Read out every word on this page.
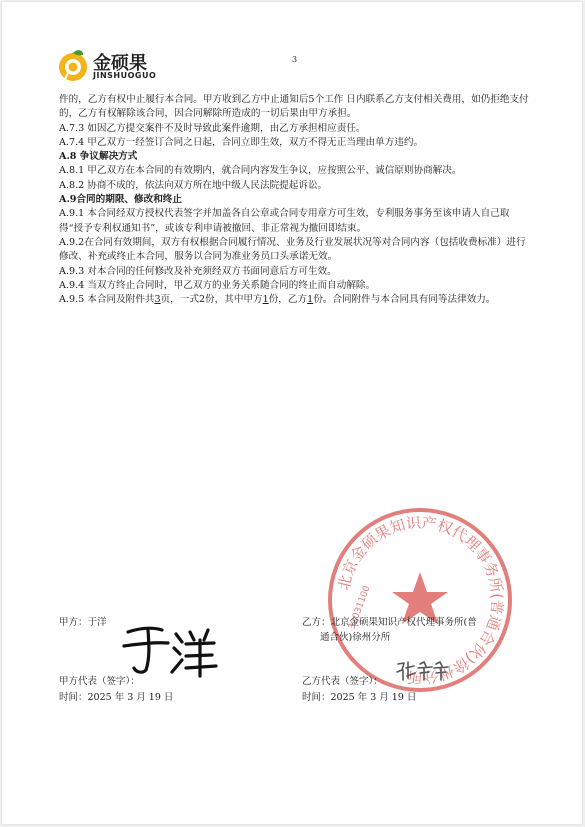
金硕果
JINSHUOGUO
3

件的，乙方有权中止履行本合同。甲方收到乙方中止通知后5个工作 日内联系乙方支付相关费用，如仍拒绝支付的，乙方有权解除该合同，因合同解除所造成的一切后果由甲方承担。

A.7.3 如因乙方提交案件不及时导致此案件逾期，由乙方承担相应责任。

A.7.4 甲乙双方一经签订合同之日起，合同立即生效，双方不得无正当理由单方违约。

A.8 争议解决方式

A.8.1 甲乙双方在本合同的有效期内，就合同内容发生争议，应按照公平、诚信原则协商解决。

A.8.2 协商不成的，依法向双方所在地中级人民法院提起诉讼。

A.9合同的期限、修改和终止

A.9.1 本合同经双方授权代表签字并加盖各自公章或合同专用章方可生效，专利服务事务至该申请人自己取得“授予专利权通知书”，或该专利申请被撤回、非正常视为撤回即结束。

A.9.2在合同有效期间，双方有权根据合同履行情况、业务及行业发展状况等对合同内容（包括收费标准）进行修改、补充或终止本合同，服务以合同为准业务员口头承诺无效。

A.9.3 对本合同的任何修改及补充须经双方书面同意后方可生效。

A.9.4 当双方终止合同时，甲乙双方的业务关系随合同的终止而自动解除。

A.9.5 本合同及附件共3页，一式2份，其中甲方1份，乙方1份。合同附件与本合同具有同等法律效力。

北京金硕果知识产权代理事务所(普通合伙)徐州分所
32031100
甲方：于洋
甲方代表（签字）：
时间：2025 年 3 月 19 日
乙方：北京金硕果知识产权代理事务所(普
通合伙)徐州分所
乙方代表（签字）：
时间：2025 年 3 月 19 日
